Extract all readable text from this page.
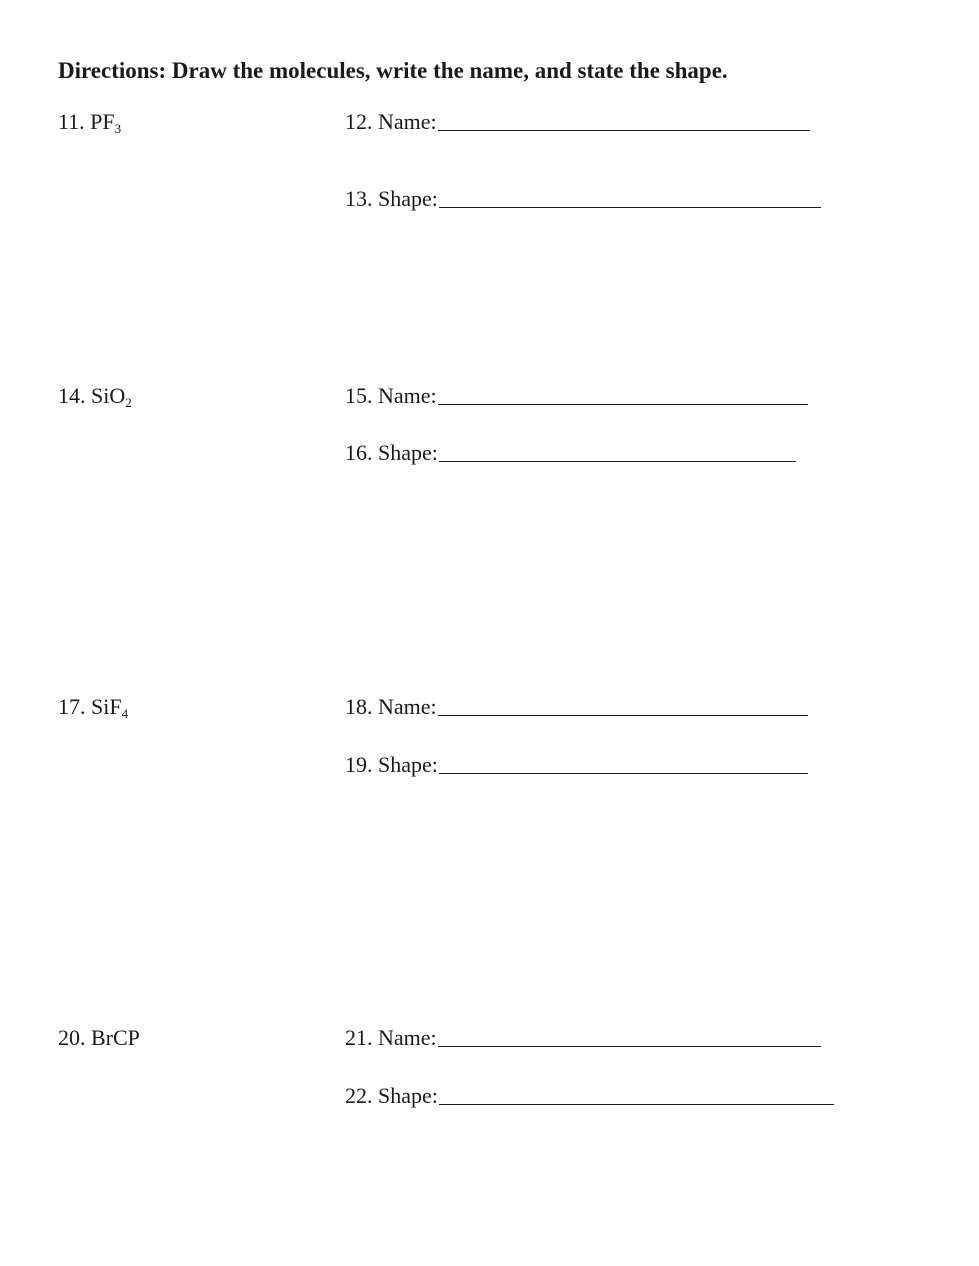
Directions: Draw the molecules, write the name, and state the shape.
11. $PF_3$	12. Name:
13. Shape:
14. SiO$_2$	15. Name:
16. Shape:
17. SiF$_4$	18. Name:
19. Shape:
20. BrCP	21. Name:
22. Shape:
